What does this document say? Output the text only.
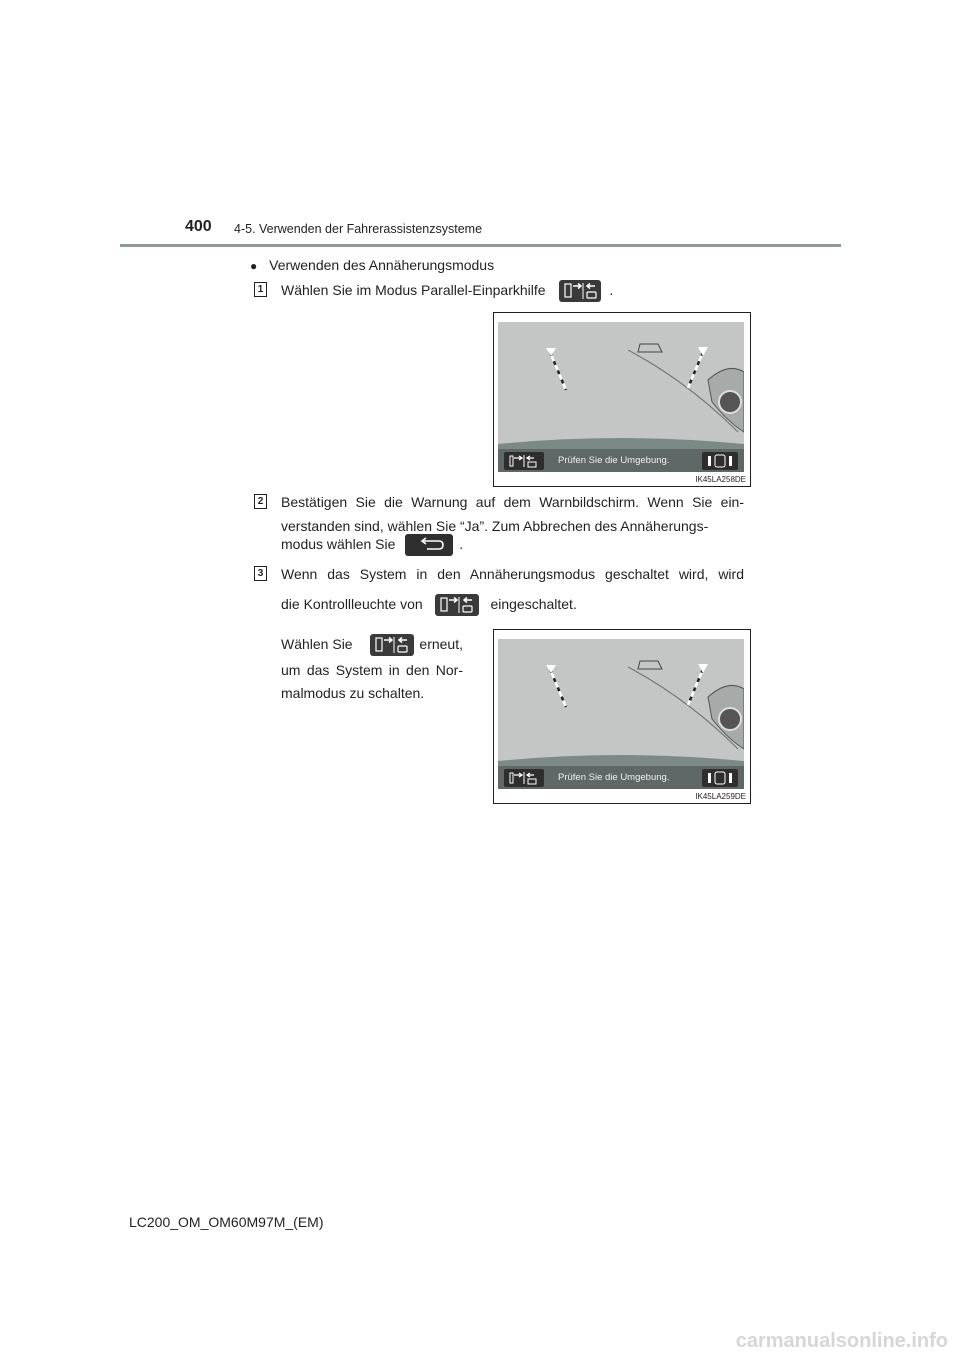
400 4-5. Verwenden der Fahrerassistenzsysteme
● Verwenden des Annäherungsmodus
1 Wählen Sie im Modus Parallel-Einparkhilfe	.
Prüfen Sie die Umgebung.
IK45LA258DE
2 Bestätigen Sie die Warnung auf dem Warnbildschirm. Wenn Sie ein-verstanden sind, wählen Sie “Ja”. Zum Abbrechen des Annäherungs-
modus wählen Sie	.
3 Wenn das System in den Annäherungsmodus geschaltet wird, wird
die Kontrollleuchte von	eingeschaltet.
Wählen Sie	erneut,
um das System in den Nor-
malmodus zu schalten.
Prüfen Sie die Umgebung.
IK45LA259DE
LC200_OM_OM60M97M_(EM)
carmanualsonline.info
